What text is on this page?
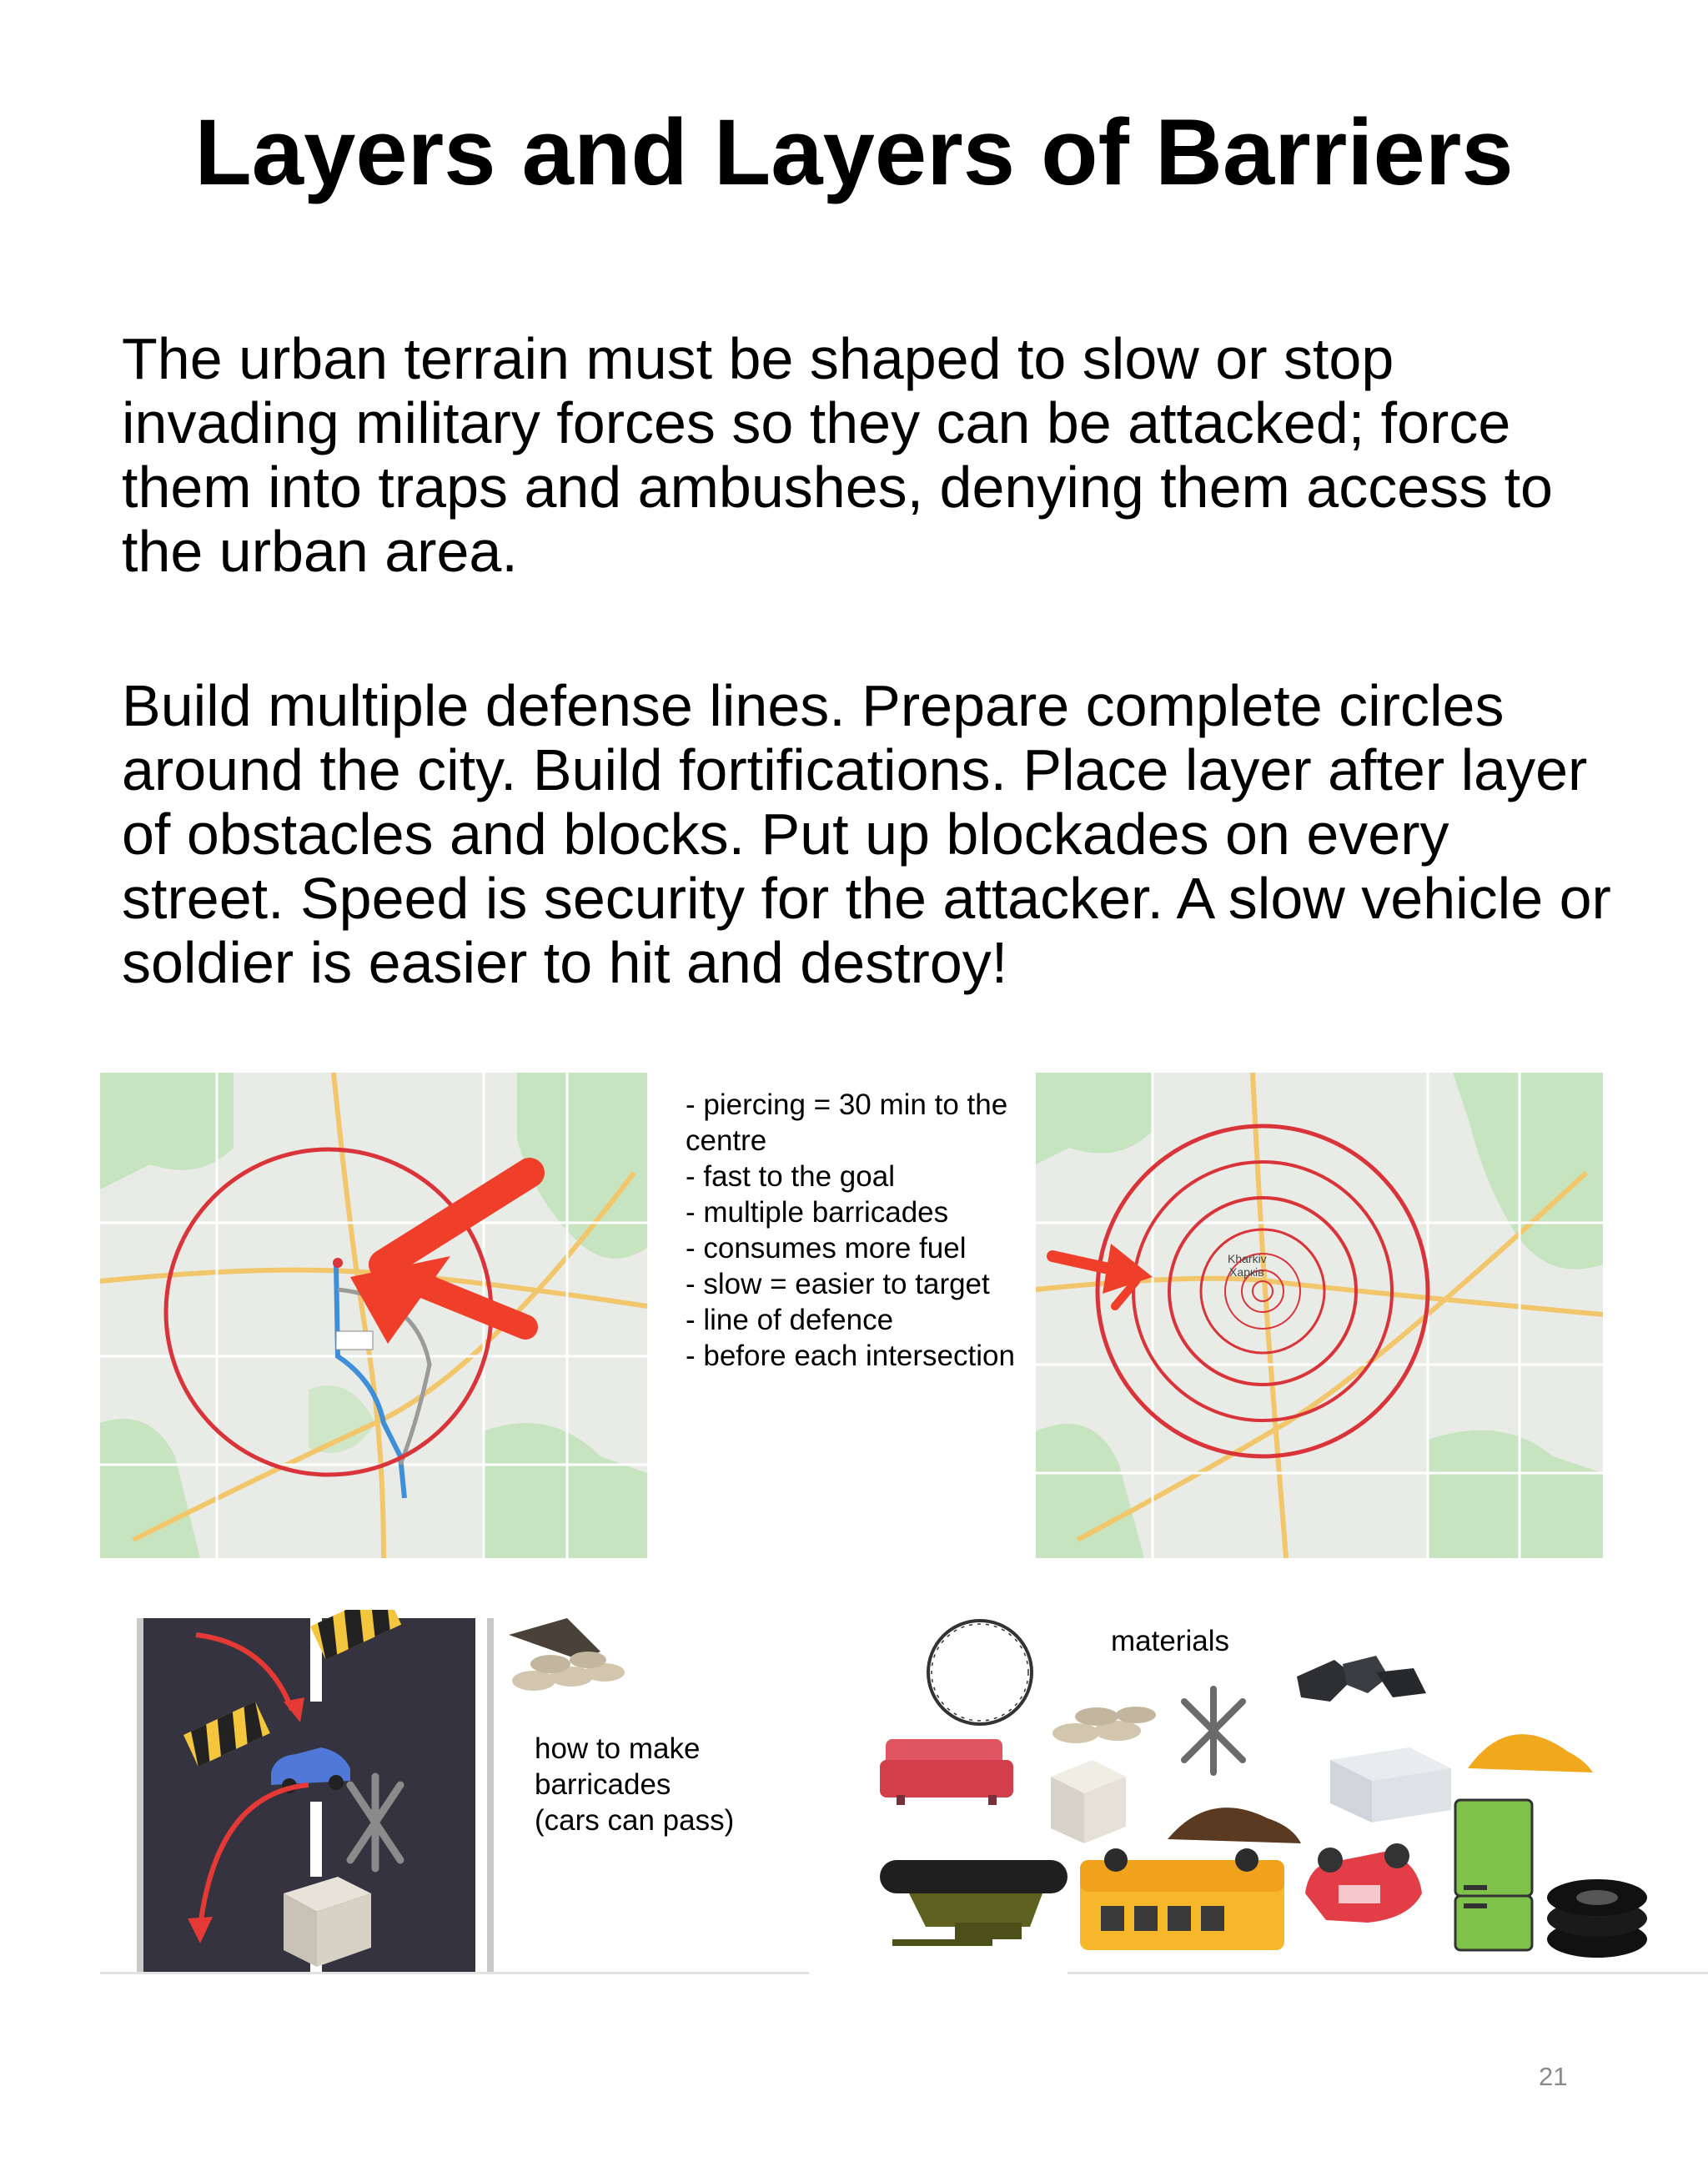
Layers and Layers of Barriers
The urban terrain must be shaped to slow or stop invading military forces so they can be attacked; force them into traps and ambushes, denying them access to the urban area.
Build multiple defense lines. Prepare complete circles around the city. Build fortifications. Place layer after layer of obstacles and blocks. Put up blockades on every street. Speed is security for the attacker. A slow vehicle or soldier is easier to hit and destroy!
- piercing = 30 min to the
centre
- fast to the goal
- multiple barricades
- consumes more fuel
- slow = easier to target
- line of defence
- before each intersection
Kharkiv
Харків
how to make
barricades
(cars can pass)
materials
21
